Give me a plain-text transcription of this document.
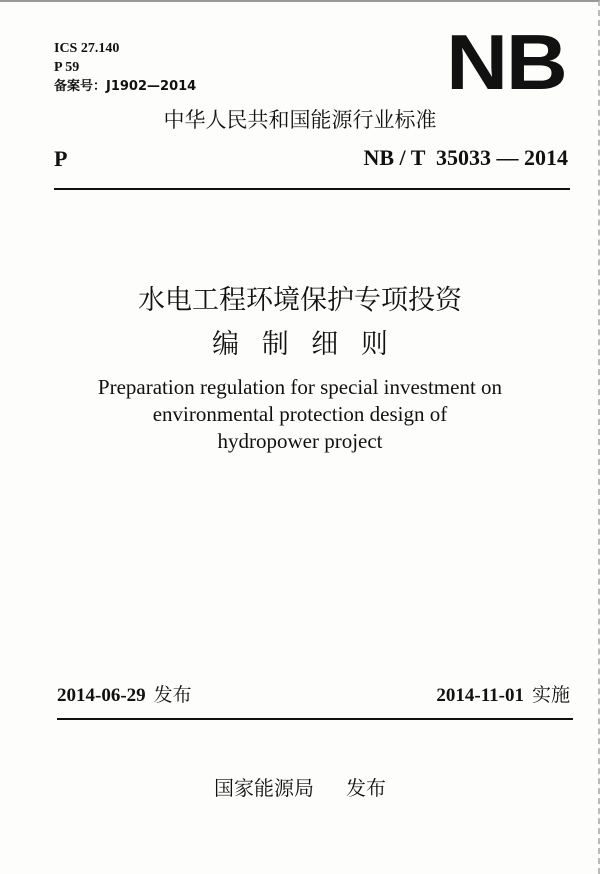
ICS 27.140
P 59
备案号：J1902—2014	NB
中华人民共和国能源行业标准
P	NB / T  35033 — 2014
水电工程环境保护专项投资
编 制 细 则
Preparation regulation for special investment on
environmental protection design of
hydropower project
2014-06-29 发布	2014-11-01 实施
国家能源局 发布
